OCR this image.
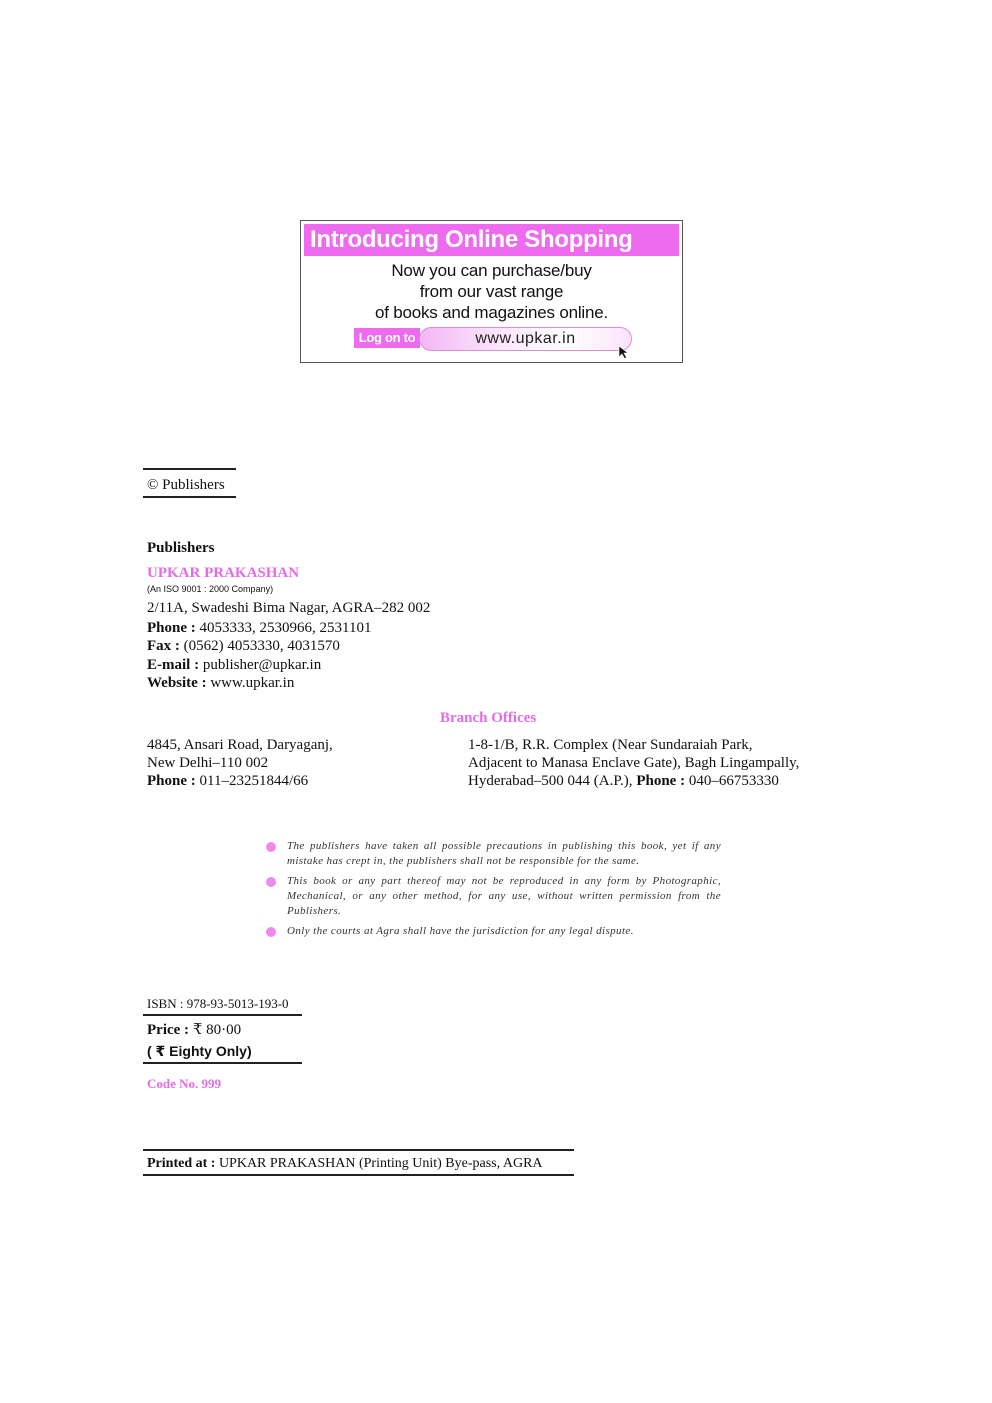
Introducing Online Shopping
Now you can purchase/buy
from our vast range
of books and magazines online.
Log on to	www.upkar.in
© Publishers
Publishers
UPKAR PRAKASHAN
(An ISO 9001 : 2000 Company)
2/11A, Swadeshi Bima Nagar, AGRA–282 002
Phone : 4053333, 2530966, 2531101
Fax : (0562) 4053330, 4031570
E-mail : publisher@upkar.in
Website : www.upkar.in
Branch Offices
4845, Ansari Road, Daryaganj,
New Delhi–110 002
Phone : 011–23251844/66
1-8-1/B, R.R. Complex (Near Sundaraiah Park,
Adjacent to Manasa Enclave Gate), Bagh Lingampally,
Hyderabad–500 044 (A.P.), Phone : 040–66753330
The publishers have taken all possible precautions in publishing this book, yet if any mistake has crept in, the publishers shall not be responsible for the same.
This book or any part thereof may not be reproduced in any form by Photographic, Mechanical, or any other method, for any use, without written permission from the Publishers.
Only the courts at Agra shall have the jurisdiction for any legal dispute.
ISBN : 978-93-5013-193-0
Price : ₹ 80·00
( ₹ Eighty Only)
Code No. 999
Printed at : UPKAR PRAKASHAN (Printing Unit) Bye-pass, AGRA
